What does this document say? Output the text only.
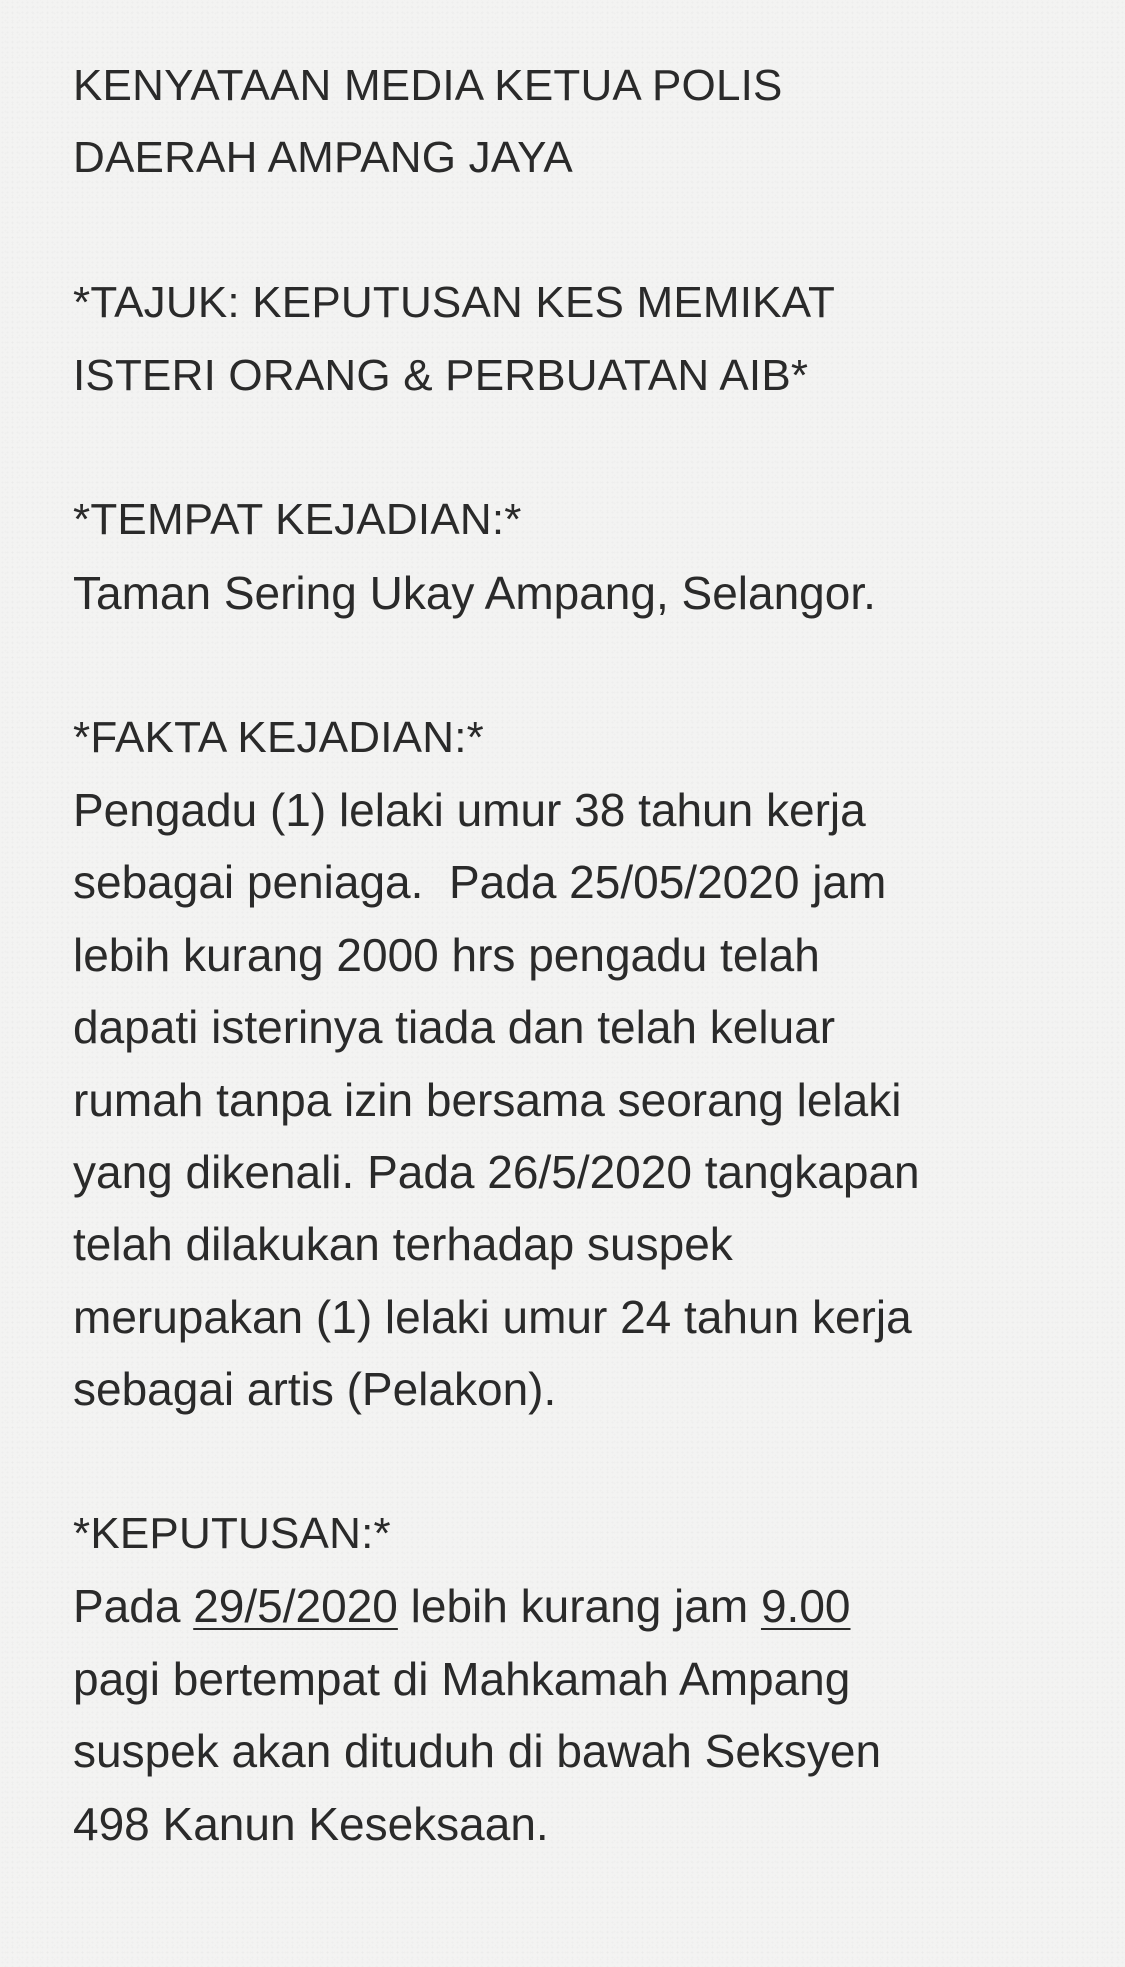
KENYATAAN MEDIA KETUA POLIS
DAERAH AMPANG JAYA
*TAJUK: KEPUTUSAN KES MEMIKAT
ISTERI ORANG & PERBUATAN AIB*
*TEMPAT KEJADIAN:*
Taman Sering Ukay Ampang, Selangor.
*FAKTA KEJADIAN:*
Pengadu (1) lelaki umur 38 tahun kerja
sebagai peniaga.  Pada 25/05/2020 jam
lebih kurang 2000 hrs pengadu telah
dapati isterinya tiada dan telah keluar
rumah tanpa izin bersama seorang lelaki
yang dikenali. Pada 26/5/2020 tangkapan
telah dilakukan terhadap suspek
merupakan (1) lelaki umur 24 tahun kerja
sebagai artis (Pelakon).
*KEPUTUSAN:*
Pada 29/5/2020 lebih kurang jam 9.00
pagi bertempat di Mahkamah Ampang
suspek akan dituduh di bawah Seksyen
498 Kanun Keseksaan.
